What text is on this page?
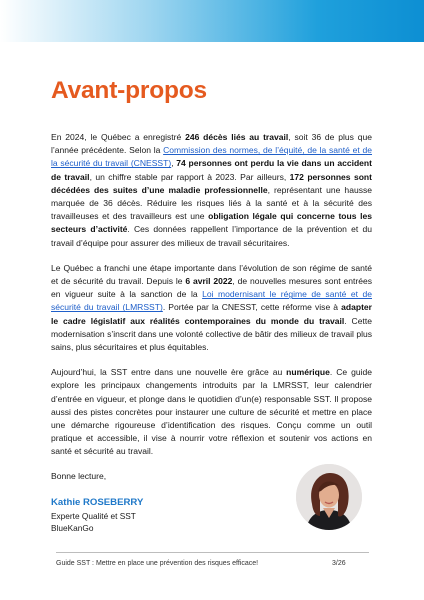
Avant-propos

En 2024, le Québec a enregistré 246 décès liés au travail, soit 36 de plus que l’année précédente. Selon la Commission des normes, de l’équité, de la santé et de la sécurité du travail (CNESST), 74 personnes ont perdu la vie dans un accident de travail, un chiffre stable par rapport à 2023. Par ailleurs, 172 personnes sont décédées des suites d’une maladie professionnelle, représentant une hausse marquée de 36 décès. Réduire les risques liés à la santé et à la sécurité des travailleuses et des travailleurs est une obligation légale qui concerne tous les secteurs d’activité. Ces données rappellent l’importance de la prévention et du travail d’équipe pour assurer des milieux de travail sécuritaires.

Le Québec a franchi une étape importante dans l’évolution de son régime de santé et de sécurité du travail. Depuis le 6 avril 2022, de nouvelles mesures sont entrées en vigueur suite à la sanction de la Loi modernisant le régime de santé et de sécurité du travail (LMRSST). Portée par la CNESST, cette réforme vise à adapter le cadre législatif aux réalités contemporaines du monde du travail. Cette modernisation s’inscrit dans une volonté collective de bâtir des milieux de travail plus sains, plus sécuritaires et plus équitables.

Aujourd’hui, la SST entre dans une nouvelle ère grâce au numérique. Ce guide explore les principaux changements introduits par la LMRSST, leur calendrier d’entrée en vigueur, et plonge dans le quotidien d’un(e) responsable SST. Il propose aussi des pistes concrètes pour instaurer une culture de sécurité et mettre en place une démarche rigoureuse d’identification des risques. Conçu comme un outil pratique et accessible, il vise à nourrir votre réflexion et soutenir vos actions en santé et sécurité au travail.

Bonne lecture,
Kathie ROSEBERRY
Experte Qualité et SST
BlueKanGo
Guide SST : Mettre en place une prévention des risques efficace!	3/26
